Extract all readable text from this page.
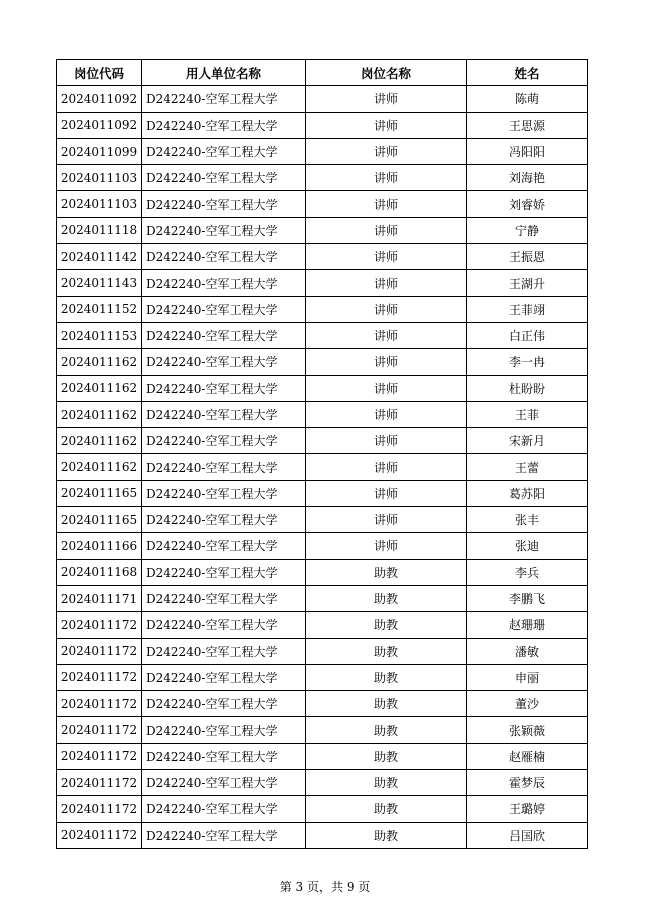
岗位代码	用人单位名称	岗位名称	姓名
2024011092	D242240-空军工程大学	讲师	陈萌
2024011092	D242240-空军工程大学	讲师	王思源
2024011099	D242240-空军工程大学	讲师	冯阳阳
2024011103	D242240-空军工程大学	讲师	刘海艳
2024011103	D242240-空军工程大学	讲师	刘睿娇
2024011118	D242240-空军工程大学	讲师	宁静
2024011142	D242240-空军工程大学	讲师	王振恩
2024011143	D242240-空军工程大学	讲师	王湖升
2024011152	D242240-空军工程大学	讲师	王菲翊
2024011153	D242240-空军工程大学	讲师	白正伟
2024011162	D242240-空军工程大学	讲师	李一冉
2024011162	D242240-空军工程大学	讲师	杜盼盼
2024011162	D242240-空军工程大学	讲师	王菲
2024011162	D242240-空军工程大学	讲师	宋新月
2024011162	D242240-空军工程大学	讲师	王蕾
2024011165	D242240-空军工程大学	讲师	葛苏阳
2024011165	D242240-空军工程大学	讲师	张丰
2024011166	D242240-空军工程大学	讲师	张迪
2024011168	D242240-空军工程大学	助教	李兵
2024011171	D242240-空军工程大学	助教	李鹏飞
2024011172	D242240-空军工程大学	助教	赵珊珊
2024011172	D242240-空军工程大学	助教	潘敏
2024011172	D242240-空军工程大学	助教	申丽
2024011172	D242240-空军工程大学	助教	董沙
2024011172	D242240-空军工程大学	助教	张颖薇
2024011172	D242240-空军工程大学	助教	赵雁楠
2024011172	D242240-空军工程大学	助教	霍梦辰
2024011172	D242240-空军工程大学	助教	王璐婷
2024011172	D242240-空军工程大学	助教	吕国欣
第 3 页，共 9 页
